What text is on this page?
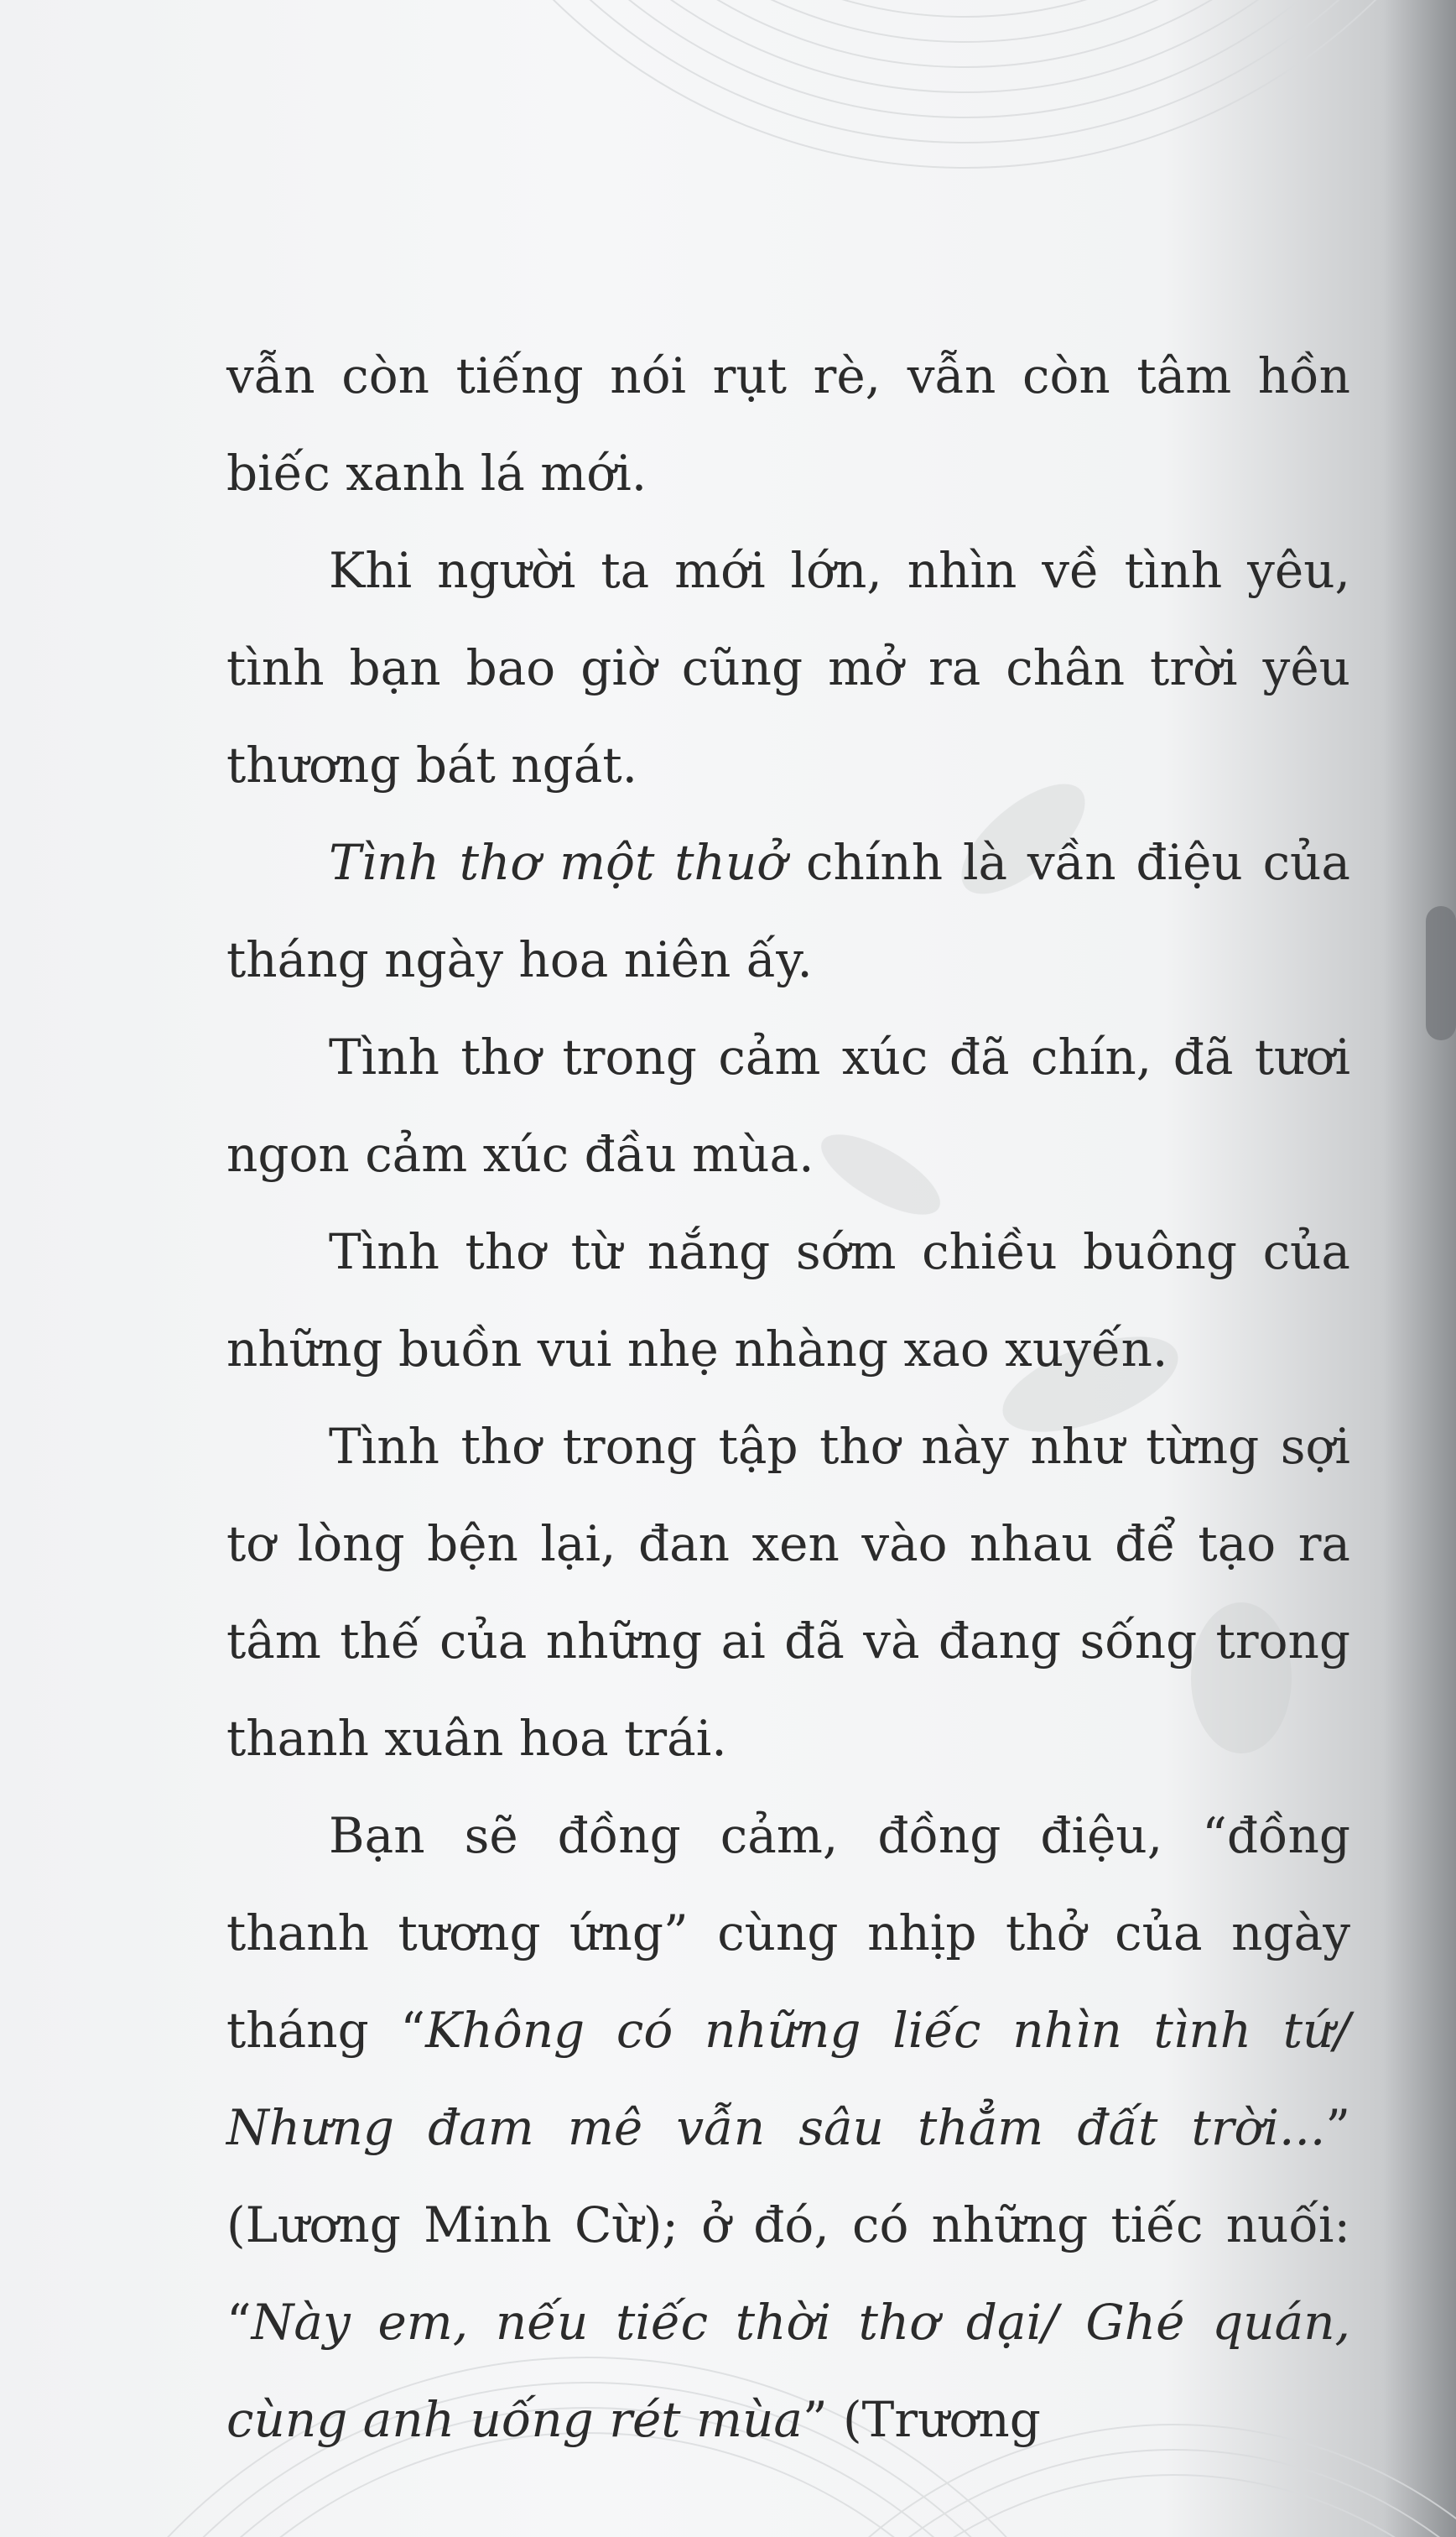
vẫn còn tiếng nói rụt rè, vẫn còn tâm hồn biếc xanh lá mới.

Khi người ta mới lớn, nhìn về tình yêu, tình bạn bao giờ cũng mở ra chân trời yêu thương bát ngát.

Tình thơ một thuở chính là vần điệu của tháng ngày hoa niên ấy.

Tình thơ trong cảm xúc đã chín, đã tươi ngon cảm xúc đầu mùa.

Tình thơ từ nắng sớm chiều buông của những buồn vui nhẹ nhàng xao xuyến.

Tình thơ trong tập thơ này như từng sợi tơ lòng bện lại, đan xen vào nhau để tạo ra tâm thế của những ai đã và đang sống trong thanh xuân hoa trái.

Bạn sẽ đồng cảm, đồng điệu, “đồng thanh tương ứng” cùng nhịp thở của ngày tháng “Không có những liếc nhìn tình tứ/ Nhưng đam mê vẫn sâu thẳm đất trời...” (Lương Minh Cừ); ở đó, có những tiếc nuối: “Này em, nếu tiếc thời thơ dại/ Ghé quán, cùng anh uống rét mùa” (Trương
